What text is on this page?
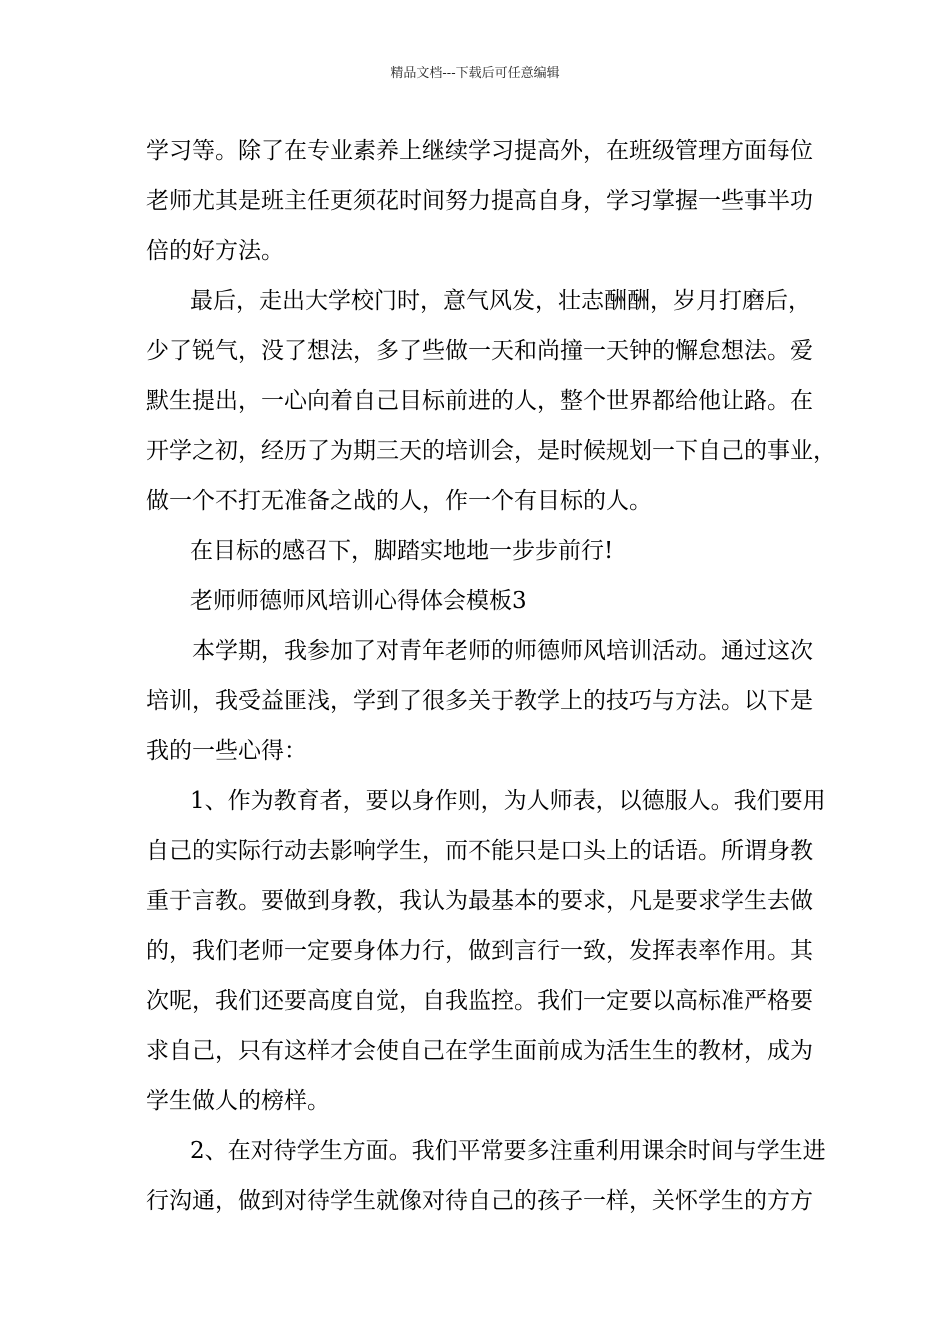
精品文档---下载后可任意编辑
学习等。除了在专业素养上继续学习提高外，在班级管理方面每位
老师尤其是班主任更须花时间努力提高自身，学习掌握一些事半功
倍的好方法。
最后，走出大学校门时，意气风发，壮志酬酬，岁月打磨后，
少了锐气，没了想法，多了些做一天和尚撞一天钟的懈怠想法。爱
默生提出，一心向着自己目标前进的人，整个世界都给他让路。在
开学之初，经历了为期三天的培训会，是时候规划一下自己的事业，
做一个不打无准备之战的人，作一个有目标的人。
在目标的感召下，脚踏实地地一步步前行!
老师师德师风培训心得体会模板3
本学期，我参加了对青年老师的师德师风培训活动。通过这次
培训，我受益匪浅，学到了很多关于教学上的技巧与方法。以下是
我的一些心得：
1、作为教育者，要以身作则，为人师表，以德服人。我们要用
自己的实际行动去影响学生，而不能只是口头上的话语。所谓身教
重于言教。要做到身教，我认为最基本的要求，凡是要求学生去做
的，我们老师一定要身体力行，做到言行一致，发挥表率作用。其
次呢，我们还要高度自觉，自我监控。我们一定要以高标准严格要
求自己，只有这样才会使自己在学生面前成为活生生的教材，成为
学生做人的榜样。
2、在对待学生方面。我们平常要多注重利用课余时间与学生进
行沟通，做到对待学生就像对待自己的孩子一样，关怀学生的方方
